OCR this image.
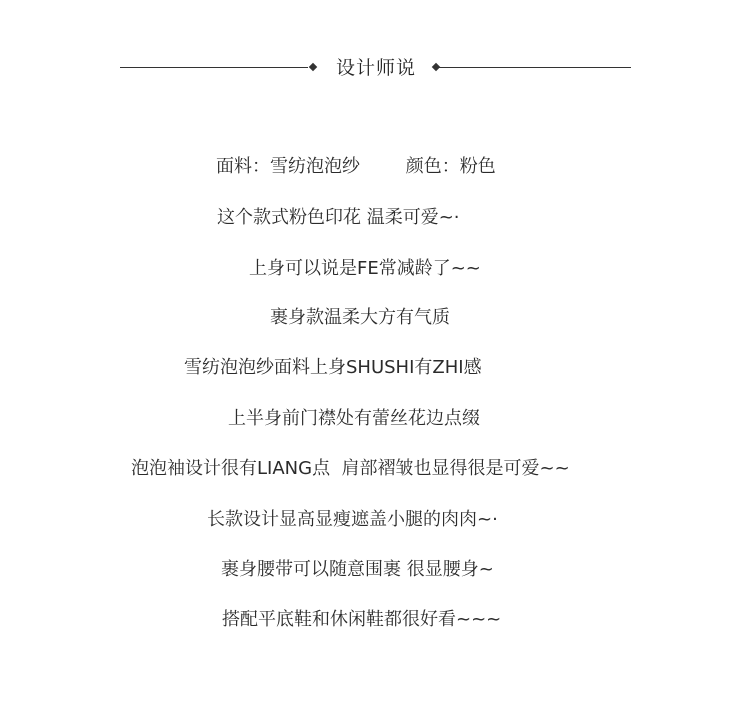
设计师说
面料：雪纺泡泡纱        颜色：粉色
这个款式粉色印花 温柔可爱~·
上身可以说是FE常减龄了~~
裹身款温柔大方有气质
雪纺泡泡纱面料上身SHUSHI有ZHI感
上半身前门襟处有蕾丝花边点缀
泡泡袖设计很有LIANG点  肩部褶皱也显得很是可爱~~
长款设计显高显瘦遮盖小腿的肉肉~·
裹身腰带可以随意围裹 很显腰身~
搭配平底鞋和休闲鞋都很好看~~~
